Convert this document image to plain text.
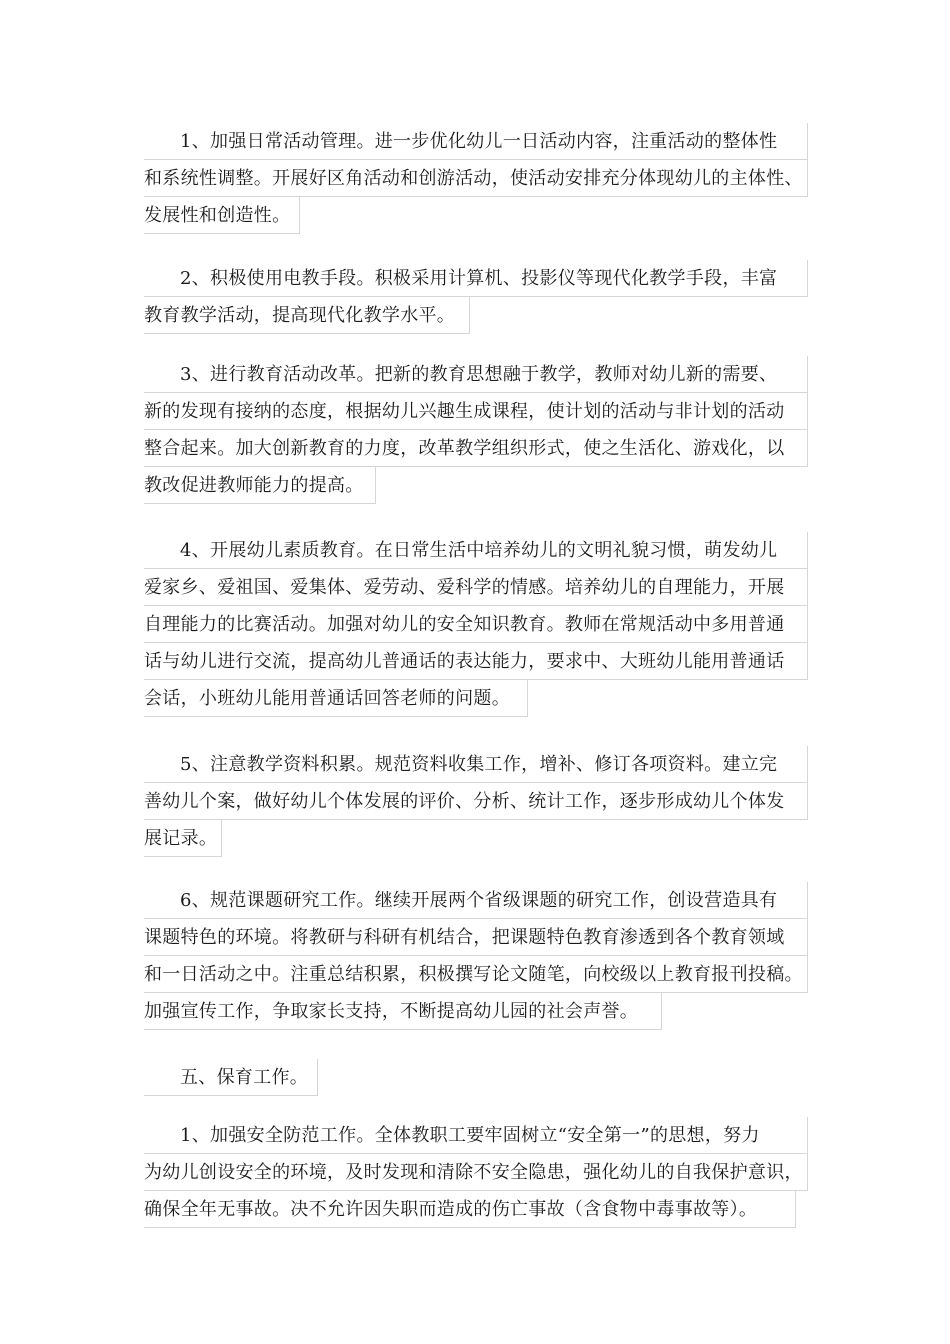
1、加强日常活动管理。进一步优化幼儿一日活动内容，注重活动的整体性
和系统性调整。开展好区角活动和创游活动，使活动安排充分体现幼儿的主体性、
发展性和创造性。
2、积极使用电教手段。积极采用计算机、投影仪等现代化教学手段，丰富
教育教学活动，提高现代化教学水平。
3、进行教育活动改革。把新的教育思想融于教学，教师对幼儿新的需要、
新的发现有接纳的态度，根据幼儿兴趣生成课程，使计划的活动与非计划的活动
整合起来。加大创新教育的力度，改革教学组织形式，使之生活化、游戏化，以
教改促进教师能力的提高。
4、开展幼儿素质教育。在日常生活中培养幼儿的文明礼貌习惯，萌发幼儿
爱家乡、爱祖国、爱集体、爱劳动、爱科学的情感。培养幼儿的自理能力，开展
自理能力的比赛活动。加强对幼儿的安全知识教育。教师在常规活动中多用普通
话与幼儿进行交流，提高幼儿普通话的表达能力，要求中、大班幼儿能用普通话
会话，小班幼儿能用普通话回答老师的问题。
5、注意教学资料积累。规范资料收集工作，增补、修订各项资料。建立完
善幼儿个案，做好幼儿个体发展的评价、分析、统计工作，逐步形成幼儿个体发
展记录。
6、规范课题研究工作。继续开展两个省级课题的研究工作，创设营造具有
课题特色的环境。将教研与科研有机结合，把课题特色教育渗透到各个教育领域
和一日活动之中。注重总结积累，积极撰写论文随笔，向校级以上教育报刊投稿。
加强宣传工作，争取家长支持，不断提高幼儿园的社会声誉。
五、保育工作。
1、加强安全防范工作。全体教职工要牢固树立“安全第一”的思想，努力
为幼儿创设安全的环境，及时发现和清除不安全隐患，强化幼儿的自我保护意识，
确保全年无事故。决不允许因失职而造成的伤亡事故（含食物中毒事故等）。
